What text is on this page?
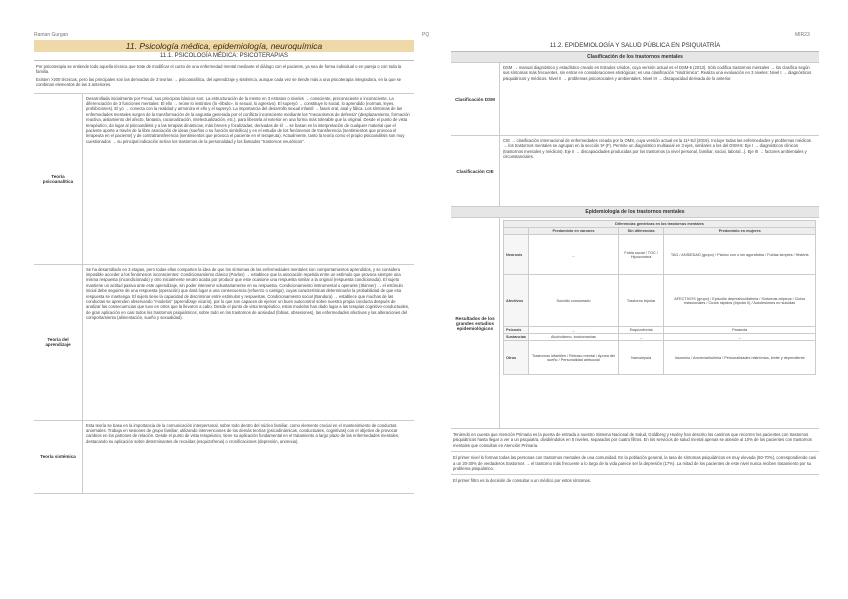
Raman Gurgan	PQ	MIR23
11. Psicología médica, epidemiología, neuroquímica
11.1. PSICOLOGÍA MÉDICA: PSICOTERAPIAS

Por psicoterapia se entiende todo aquella técnica que trate de modificar el curso de una enfermedad mental mediante el diálogo con el paciente, ya sea de forma individual o en pareja o con toda la familia.

Existen >200 técnicas, pero las principales son las derivadas de 3 teorías → psicoanalítica, del aprendizaje y sistémica, aunque cada vez se tiende más a una psicoterapia integradora, en la que se combinan elementos de las 3 anteriores.

Teoría psicoanalítica
Desarrollada inicialmente por Freud, sus principios básicos son: La estructuración de la mente en 3 estratos o niveles → consciente, preconsciente e inconsciente. La diferenciación de 3 funciones mentales: El ello → reúne lo instintivo (lo «libido», lo sexual, lo agresivo). El superyó → constituye lo social, lo aprendido (normas, leyes, prohibiciones). El yo → conecta con la realidad y armoniza el ello y el superyó. La importancia del desarrollo sexual infantil → fases oral, anal y fálica. Los síntomas de las enfermedades mentales surgen de la transformación de la angustia generada por el conflicto inconsciente mediante los "mecanismos de defensa" (desplazamiento, formación reactiva, aislamiento del afecto, fantasía, racionalización, intelectualización, etc.), para liberarla al exterior en una forma más tolerable que la original. Desde el punto de vista terapéutico, da lugar al psicoanálisis y a las terapias dinámicas, más breves y focalizadas, derivadas de él → se basan en la interpretación de cualquier material que el paciente aporte a través de la libre asociación de ideas (sueños o su función simbólica) y en el estudio de los fenómenos de transferencia (sentimientos que provoca el terapeuta en el paciente) y de contratransferencia (sentimientos que provoca el paciente en el terapeuta). Actualmente, tanto la teoría como el propio psicoanálisis son muy cuestionados → su principal indicación serían los trastornos de la personalidad y los llamados "trastornos neuróticos".
Teoría del aprendizaje
Se ha desarrollado en 3 etapas, pero todas ellas comparten la idea de que los síntomas de las enfermedades mentales son comportamientos aprendidos, y se considera imposible acceder a los fenómenos inconscientes: Condicionamiento clásico (Pavlov) → establece que la asociación repetida entre un estímulo que provoca siempre una misma respuesta (incondicionado) y otro inicialmente neutro acaba por producir que este ocasione una respuesta similar a la original (respuesta condicionada). El sujeto mantiene un actitud pasiva ante este aprendizaje, sin poder intervenir voluntariamente en su respuesta. Condicionamiento instrumental u operante (Skinner) → el estímulo inicial debe seguirse de una respuesta (operación) que dará lugar a una consecuencia (refuerzo o castigo), cuyas características determinarán la probabilidad de que esa respuesta se mantenga. El sujeto tiene la capacidad de discriminar entre estímulos y respuestas. Condicionamiento social (Bandura) → establece que muchas de las conductas se aprenden observando "modelos" (aprendizaje vicario), por lo que son capaces de ejercer un buen autocontrol sobre nuestra propia conducta después de analizar las consecuencias que tuvo en otros que la llevaron a cabo. Desde el punto de vista terapéutico, estos modelos han dado lugar a las terapias cognitivo-conductuales, de gran aplicación en casi todos los trastornos psiquiátricos, sobre todo en los trastornos de ansiedad (fobias, obsesiones), las enfermedades afectivas y las alteraciones del comportamiento (alimentación, sueño y sexualidad).
Teoría sistémica
Esta teoría se basa en la importancia de la comunicación interpersonal, sobre todo dentro del núcleo familiar, como elemento crucial en el mantenimiento de conductas anormales. Trabaja en sesiones de grupo familiar, utilizando intervenciones de los demás teorías (psicodinámicas, conductuales, cognitivas) con el objetivo de provocar cambios en los patrones de relación. Desde el punto de vista terapéutico, tiene su aplicación fundamental en el tratamiento a largo plazo de las enfermedades mentales, destacando su aplicación sobre determinantes de recaídas (esquizofrenia) o cronificaciones (depresión, anorexia).
11.2. EPIDEMIOLOGÍA Y SALUD PÚBLICA EN PSIQUIATRÍA
Clasificación de los trastornos mentales
Clasificación DSM
DSM → manual diagnóstico y estadístico creado en Estados Unidos, cuya versión actual es el DSM-5 (2013). Sólo codifica trastornos mentales → los clasifica según sus síntomas más frecuentes, sin entrar en consideraciones etiológicas; es una clasificación "sindrómica". Realiza una evaluación en 3 niveles: Nivel I → diagnósticos psiquiátricos y médicos. Nivel II → problemas psicosociales y ambientales. Nivel III → discapacidad derivada de lo anterior.
Clasificación CIE
CIE → clasificación internacional de enfermedades creada por la OMS, cuya versión actual es la 11ª Ed (2019). Incluye todas las enfermedades y problemas médicos → los trastornos mentales se agrupan en la sección 5ª (F). Permite un diagnóstico multiaxial en 3 ejes, similares a los del DSM-5: Eje I → diagnósticos clínicos (trastornos mentales y médicos). Eje II → discapacidades producidas por los trastornos (a nivel personal, familiar, social, laboral...). Eje III → factores ambientales y circunstanciales.
Epidemiología de los trastornos mentales
Resultados de los grandes estudios epidemiológicos
Diferencias genéricas en los trastornos mentales			
	Predominio en varones	Sin diferencias	Predominio en mujeres
Neurosis	_	Fobia social / TOC / Hipocondría	TAG / ANSIEDAD (grupo) / Pánico con o sin agorafobia / Fobias simples / Histeria
Afectivos	Suicidio consumado	Trastorno bipolar	AFECTIVOS (grupo) / Episodio depresivo/distimia / Síntomas atípicos / Ciclos estacionales / Ciclos rápidos (bipolar II) / Autolesiones no suicidas
Psicosis	_	Esquizofrenia	Paranoia
Sustancias	Alcoholismo, toxicomanías	_	_
Otros	Trastornos infantiles / Retraso mental / Apnea del sueño / Personalidad antisocial	Narcolepsia	Insomnio / Anorexia/bulimia / Personalidades histriónica, límite y dependiente
Teniendo en cuenta que Atención Primaria es la puerta de entrada a nuestro Sistema Nacional de Salud, Goldberg y Huxley han descrito los caminos que recorren los pacientes con trastornos psiquiátricos hasta llegar a ver a un psiquiatra, dividiéndolos en 5 niveles, separados por cuatro filtros. En los servicios de salud mental apenas se atiende al 10% de los pacientes con trastornos mentales que consultan en Atención Primaria.
El primer nivel lo forman todas las personas con trastornos mentales de una comunidad. En la población general, la tasa de síntomas psiquiátricos es muy elevada (60-70%), correspondiendo casi a un 20-30% de verdaderos trastornos → el trastorno más frecuente a lo largo de la vida parece ser la depresión (17%). La mitad de los pacientes de este nivel nunca reciben tratamiento por su problema psiquiátrico.
El primer filtro es la decisión de consultar a un médico por estos síntomas.
